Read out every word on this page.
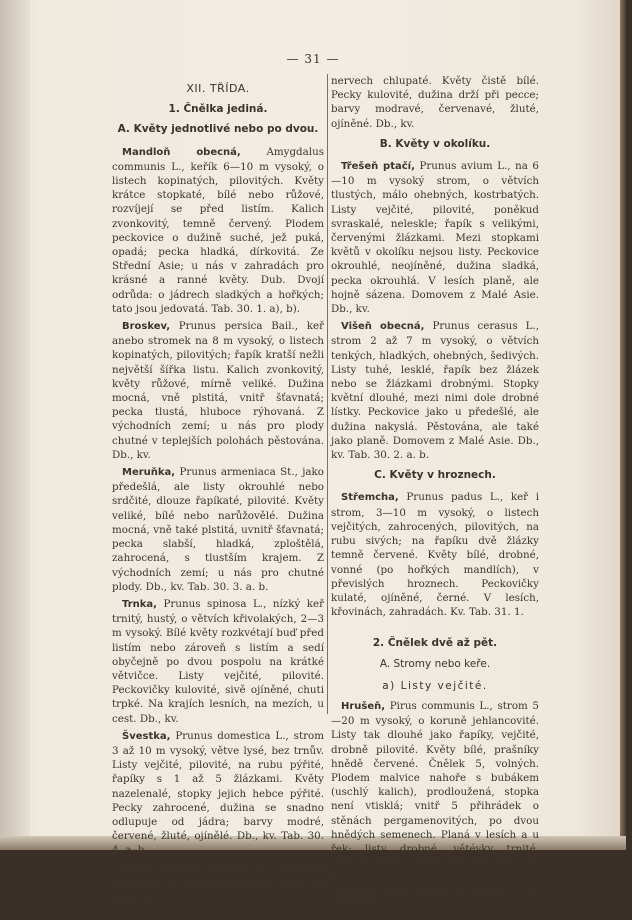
— 31 —
XII. TŘÍDA.
1. Čnělka jediná.
A. Květy jednotlivé nebo po dvou.

Mandloň obecná, Amygdalus communis L., keřík 6—10 m vysoký, o listech kopinatých, pilovitých. Květy krátce stopkaté, bílé nebo růžové, rozvíjejí se před listím. Kalich zvonkovitý, temně červený. Plodem peckovice o dužině suché, jež puká, opadá; pecka hladká, dírkovitá. Ze Střední Asie; u nás v zahradách pro krásné a ranné květy. Dub. Dvojí odrůda: o jádrech sladkých a hořkých; tato jsou jedovatá. Tab. 30. 1. a), b).

Broskev, Prunus persica Bail., keř anebo stromek na 8 m vysoký, o listech kopinatých, pilovitých; řapík kratší nežli největší šířka listu. Kalich zvonkovitý, květy růžové, mírně veliké. Dužina mocná, vně plstitá, vnitř šťavnatá; pecka tlustá, hluboce rýhovaná. Z východních zemí; u nás pro plody chutné v teplejších polohách pěstována. Db., kv.

Meruňka, Prunus armeniaca St., jako předešlá, ale listy okrouhlé nebo srdčité, dlouze řapíkaté, pilovité. Květy veliké, bílé nebo narůžovělé. Dužina mocná, vně také plstitá, uvnitř šťavnatá; pecka slabší, hladká, zploštělá, zahrocená, s tlustším krajem. Z východních zemí; u nás pro chutné plody. Db., kv. Tab. 30. 3. a. b.

Trnka, Prunus spinosa L., nízký keř trnitý, hustý, o větvích křivolakých, 2—3 m vysoký. Bílé květy rozkvétají buď před listím nebo zároveň s listím a sedí obyčejně po dvou pospolu na krátké větvičce. Listy vejčité, pilovité. Peckovičky kulovité, sivě ojíněné, chuti trpké. Na krajích lesních, na mezích, u cest. Db., kv.

Švestka, Prunus domestica L., strom 3 až 10 m vysoký, větve lysé, bez trnův. Listy vejčité, pilovité, na rubu pýřité, řapíky s 1 až 5 žlázkami. Květy nazelenalé, stopky jejich hebce pýřité. Pecky zahrocené, dužina se snadno odlupuje od jádra; barvy modré, červené, žluté, ojínělé. Db., kv. Tab. 30. 4. a. b.

Slíva, Prunus insititia L., podobná předešlé, ale řapíky bez žlázek. Listy na rubu na

nervech chlupaté. Květy čistě bílé. Pecky kulovité, dužina drží při pecce; barvy modravé, červenavé, žluté, ojíněné. Db., kv.

B. Květy v okolíku.

Třešeň ptačí, Prunus avium L., na 6—10 m vysoký strom, o větvích tlustých, málo ohebných, kostrbatých. Listy vejčité, pilovité, poněkud svraskalé, neleskle; řapík s velikými, červenými žlázkami. Mezi stopkami květů v okolíku nejsou listy. Peckovice okrouhlé, neojíněné, dužina sladká, pecka okrouhlá. V lesích planě, ale hojně sázena. Domovem z Malé Asie. Db., kv.

Višeň obecná, Prunus cerasus L., strom 2 až 7 m vysoký, o větvích tenkých, hladkých, ohebných, šedivých. Listy tuhé, lesklé, řapík bez žlázek nebo se žlázkami drobnými. Stopky květní dlouhé, mezi nimi dole drobné lístky. Peckovice jako u předešlé, ale dužina nakyslá. Pěstována, ale také jako planě. Domovem z Malé Asie. Db., kv. Tab. 30. 2. a. b.

C. Květy v hroznech.

Střemcha, Prunus padus L., keř i strom, 3—10 m vysoký, o listech vejčitých, zahrocených, pilovitých, na rubu sivých; na řapíku dvě žlázky temně červené. Květy bílé, drobné, vonné (po hořkých mandlích), v převislých hroznech. Peckovičky kulaté, ojíněné, černé. V lesích, křovinách, zahradách. Kv. Tab. 31. 1.

2. Čnělek dvě až pět.
A. Stromy nebo keře.
a) Listy vejčité.

Hrušeň, Pirus communis L., strom 5—20 m vysoký, o koruně jehlancovité. Listy tak dlouhé jako řapíky, vejčité, drobně pilovité. Květy bílé, prašníky hnědě červené. Čnělek 5, volných. Plodem malvice nahoře s bubákem (uschlý kalich), prodloužená, stopka není vtisklá; vnitř 5 přihrádek o stěnách pergamenovitých, po dvou hnědých semenech. Planá v lesích a u řek; listy drobné, větévky trnité, malvice tvrdé, trpké. Db., kv. Tab. 31. 2.

Jabloň, Pirus malus L., strom 5—10 m
